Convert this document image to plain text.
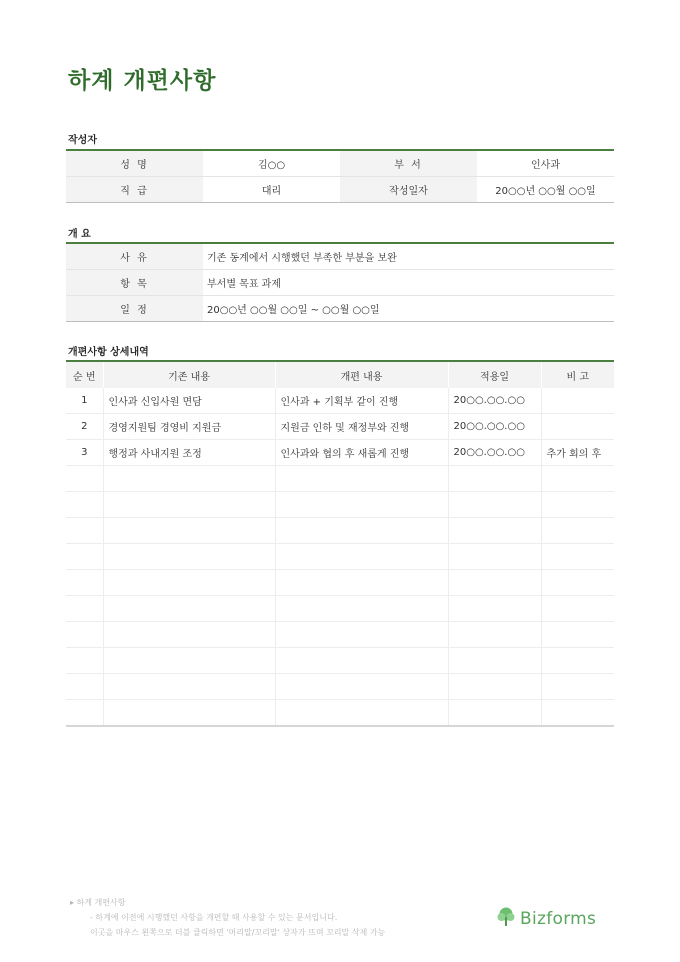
하계 개편사항
작성자
성 명	김○○	부 서	인사과
직 급	대리	작성일자	20○○년 ○○월 ○○일
개 요
사 유	기존 동계에서 시행했던 부족한 부분을 보완
항 목	부서별 목표 과제
일 정	20○○년 ○○월 ○○일 ~ ○○월 ○○일
개편사항 상세내역
순 번	기존 내용	개편 내용	적용일	비 고
1	인사과 신입사원 면담	인사과 + 기획부 같이 진행	20○○.○○.○○	
2	경영지원팀 경영비 지원금	지원금 인하 및 재정부와 진행	20○○.○○.○○	
3	행정과 사내지원 조정	인사과와 협의 후 새롭게 진행	20○○.○○.○○	추가 회의 후

▸ 하계 개편사항
- 하계에 이전에 시행했던 사항을 개편할 때 사용할 수 있는 문서입니다.
이곳을 마우스 왼쪽으로 더블 클릭하면 '머리말/꼬리말' 상자가 뜨며 꼬리말 삭제 가능
Bizforms
